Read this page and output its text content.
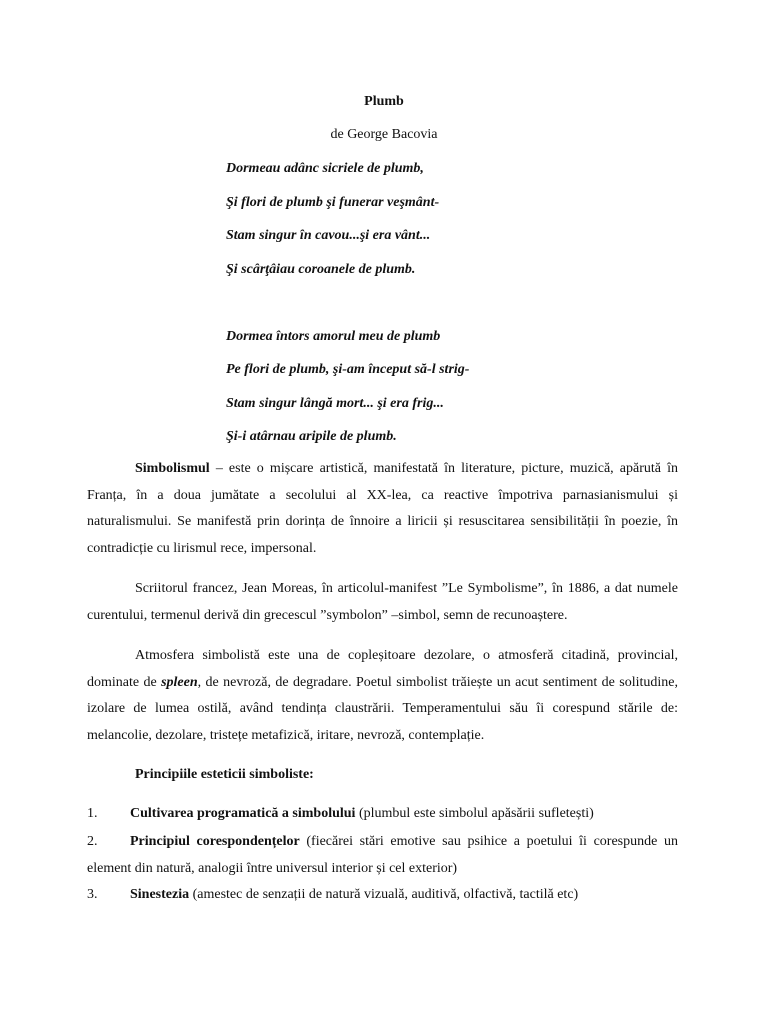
Plumb
de George Bacovia
Dormeau adânc sicriele de plumb,
Şi flori de plumb şi funerar veşmânt-
Stam singur în cavou...şi era vânt...
Şi scârţâiau coroanele de plumb.
Dormea întors amorul meu de plumb
Pe flori de plumb, şi-am început să-l strig-
Stam singur lângă mort... şi era frig...
Şi-i atârnau aripile de plumb.

Simbolismul – este o mișcare artistică, manifestată în literature, picture, muzică, apărută în Franța, în a doua jumătate a secolului al XX-lea, ca reactive împotriva parnasianismului și naturalismului. Se manifestă prin dorința de înnoire a liricii și resuscitarea sensibilității în poezie, în contradicție cu lirismul rece, impersonal.

Scriitorul francez, Jean Moreas, în articolul-manifest ”Le Symbolisme”, în 1886, a dat numele curentului, termenul derivă din grecescul ”symbolon” –simbol, semn de recunoaștere.

Atmosfera simbolistă este una de copleșitoare dezolare, o atmosferă citadină, provincial, dominate de spleen, de nevroză, de degradare. Poetul simbolist trăiește un acut sentiment de solitudine, izolare de lumea ostilă, având tendința claustrării. Temperamentului său îi corespund stările de: melancolie, dezolare, tristețe metafizică, iritare, nevroză, contemplație.

Principiile esteticii simboliste:
1. Cultivarea programatică a simbolului (plumbul este simbolul apăsării sufletești)
2. Principiul corespondențelor (fiecărei stări emotive sau psihice a poetului îi corespunde un element din natură, analogii între universul interior și cel exterior)
3. Sinestezia (amestec de senzații de natură vizuală, auditivă, olfactivă, tactilă etc)
